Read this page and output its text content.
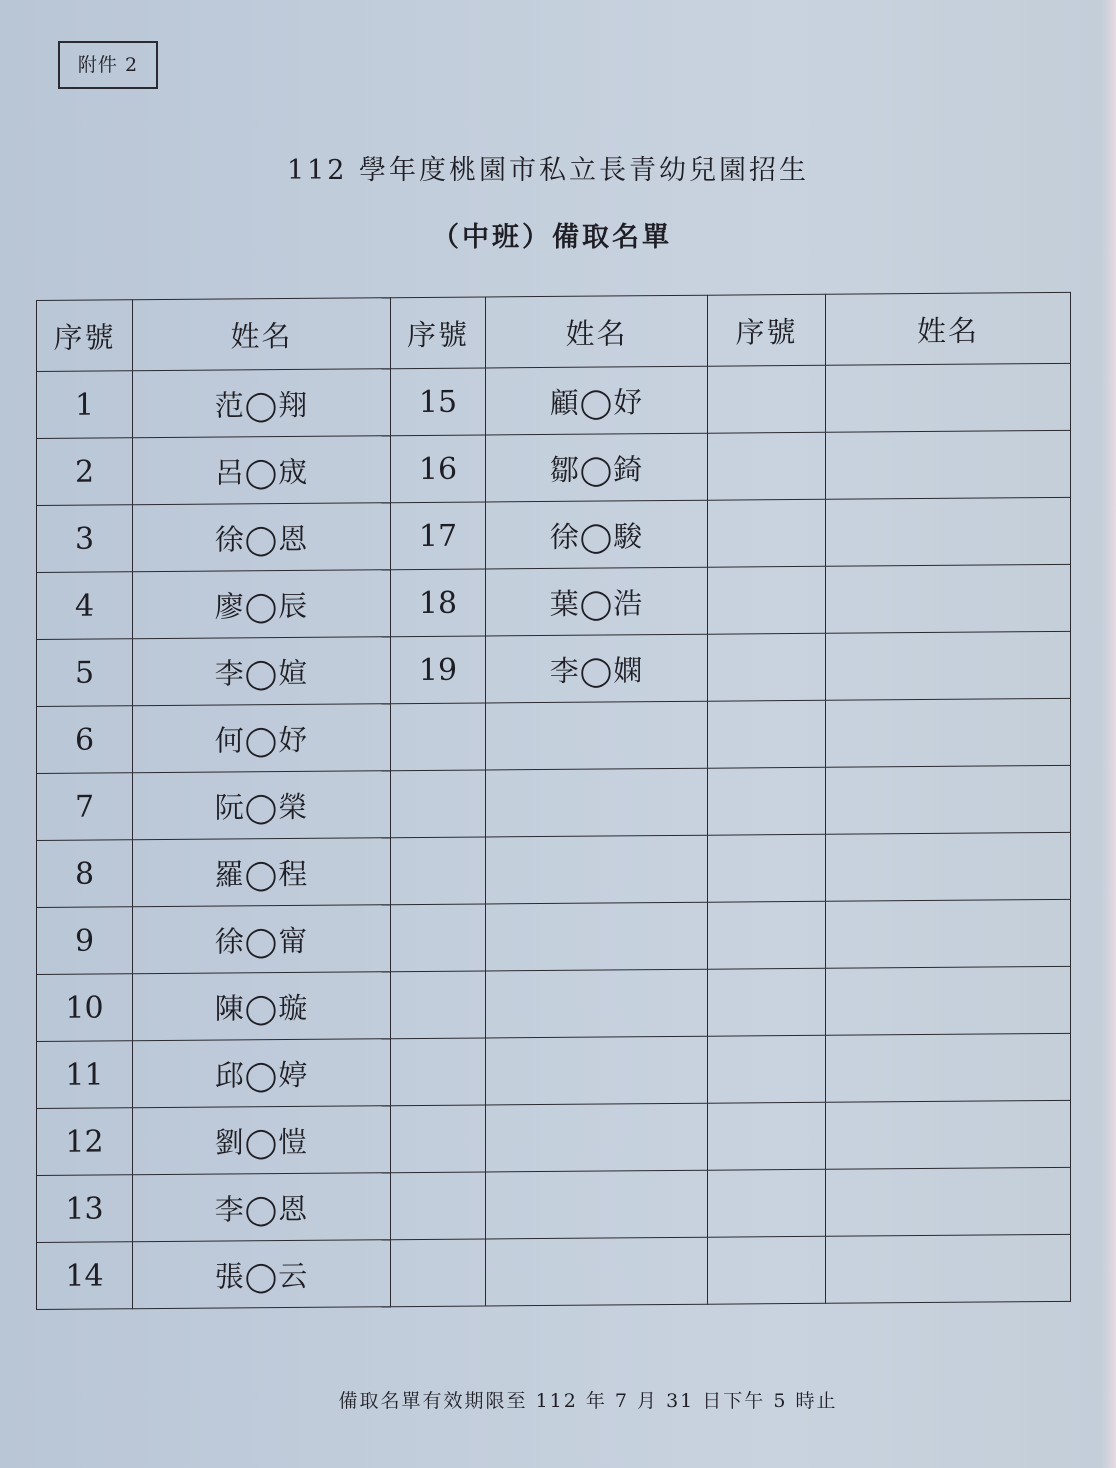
附件 2
112 學年度桃園市私立長青幼兒園招生
（中班）備取名單
序號	姓名	序號	姓名	序號	姓名
1	范◯翔	15	顧◯妤		
2	呂◯宬	16	鄒◯錡		
3	徐◯恩	17	徐◯駿		
4	廖◯辰	18	葉◯浩		
5	李◯媗	19	李◯嫻		
6	何◯妤				
7	阮◯榮				
8	羅◯程				
9	徐◯甯				
10	陳◯璇				
11	邱◯婷				
12	劉◯愷				
13	李◯恩				
14	張◯云				
備取名單有效期限至 112 年 7 月 31 日下午 5 時止
